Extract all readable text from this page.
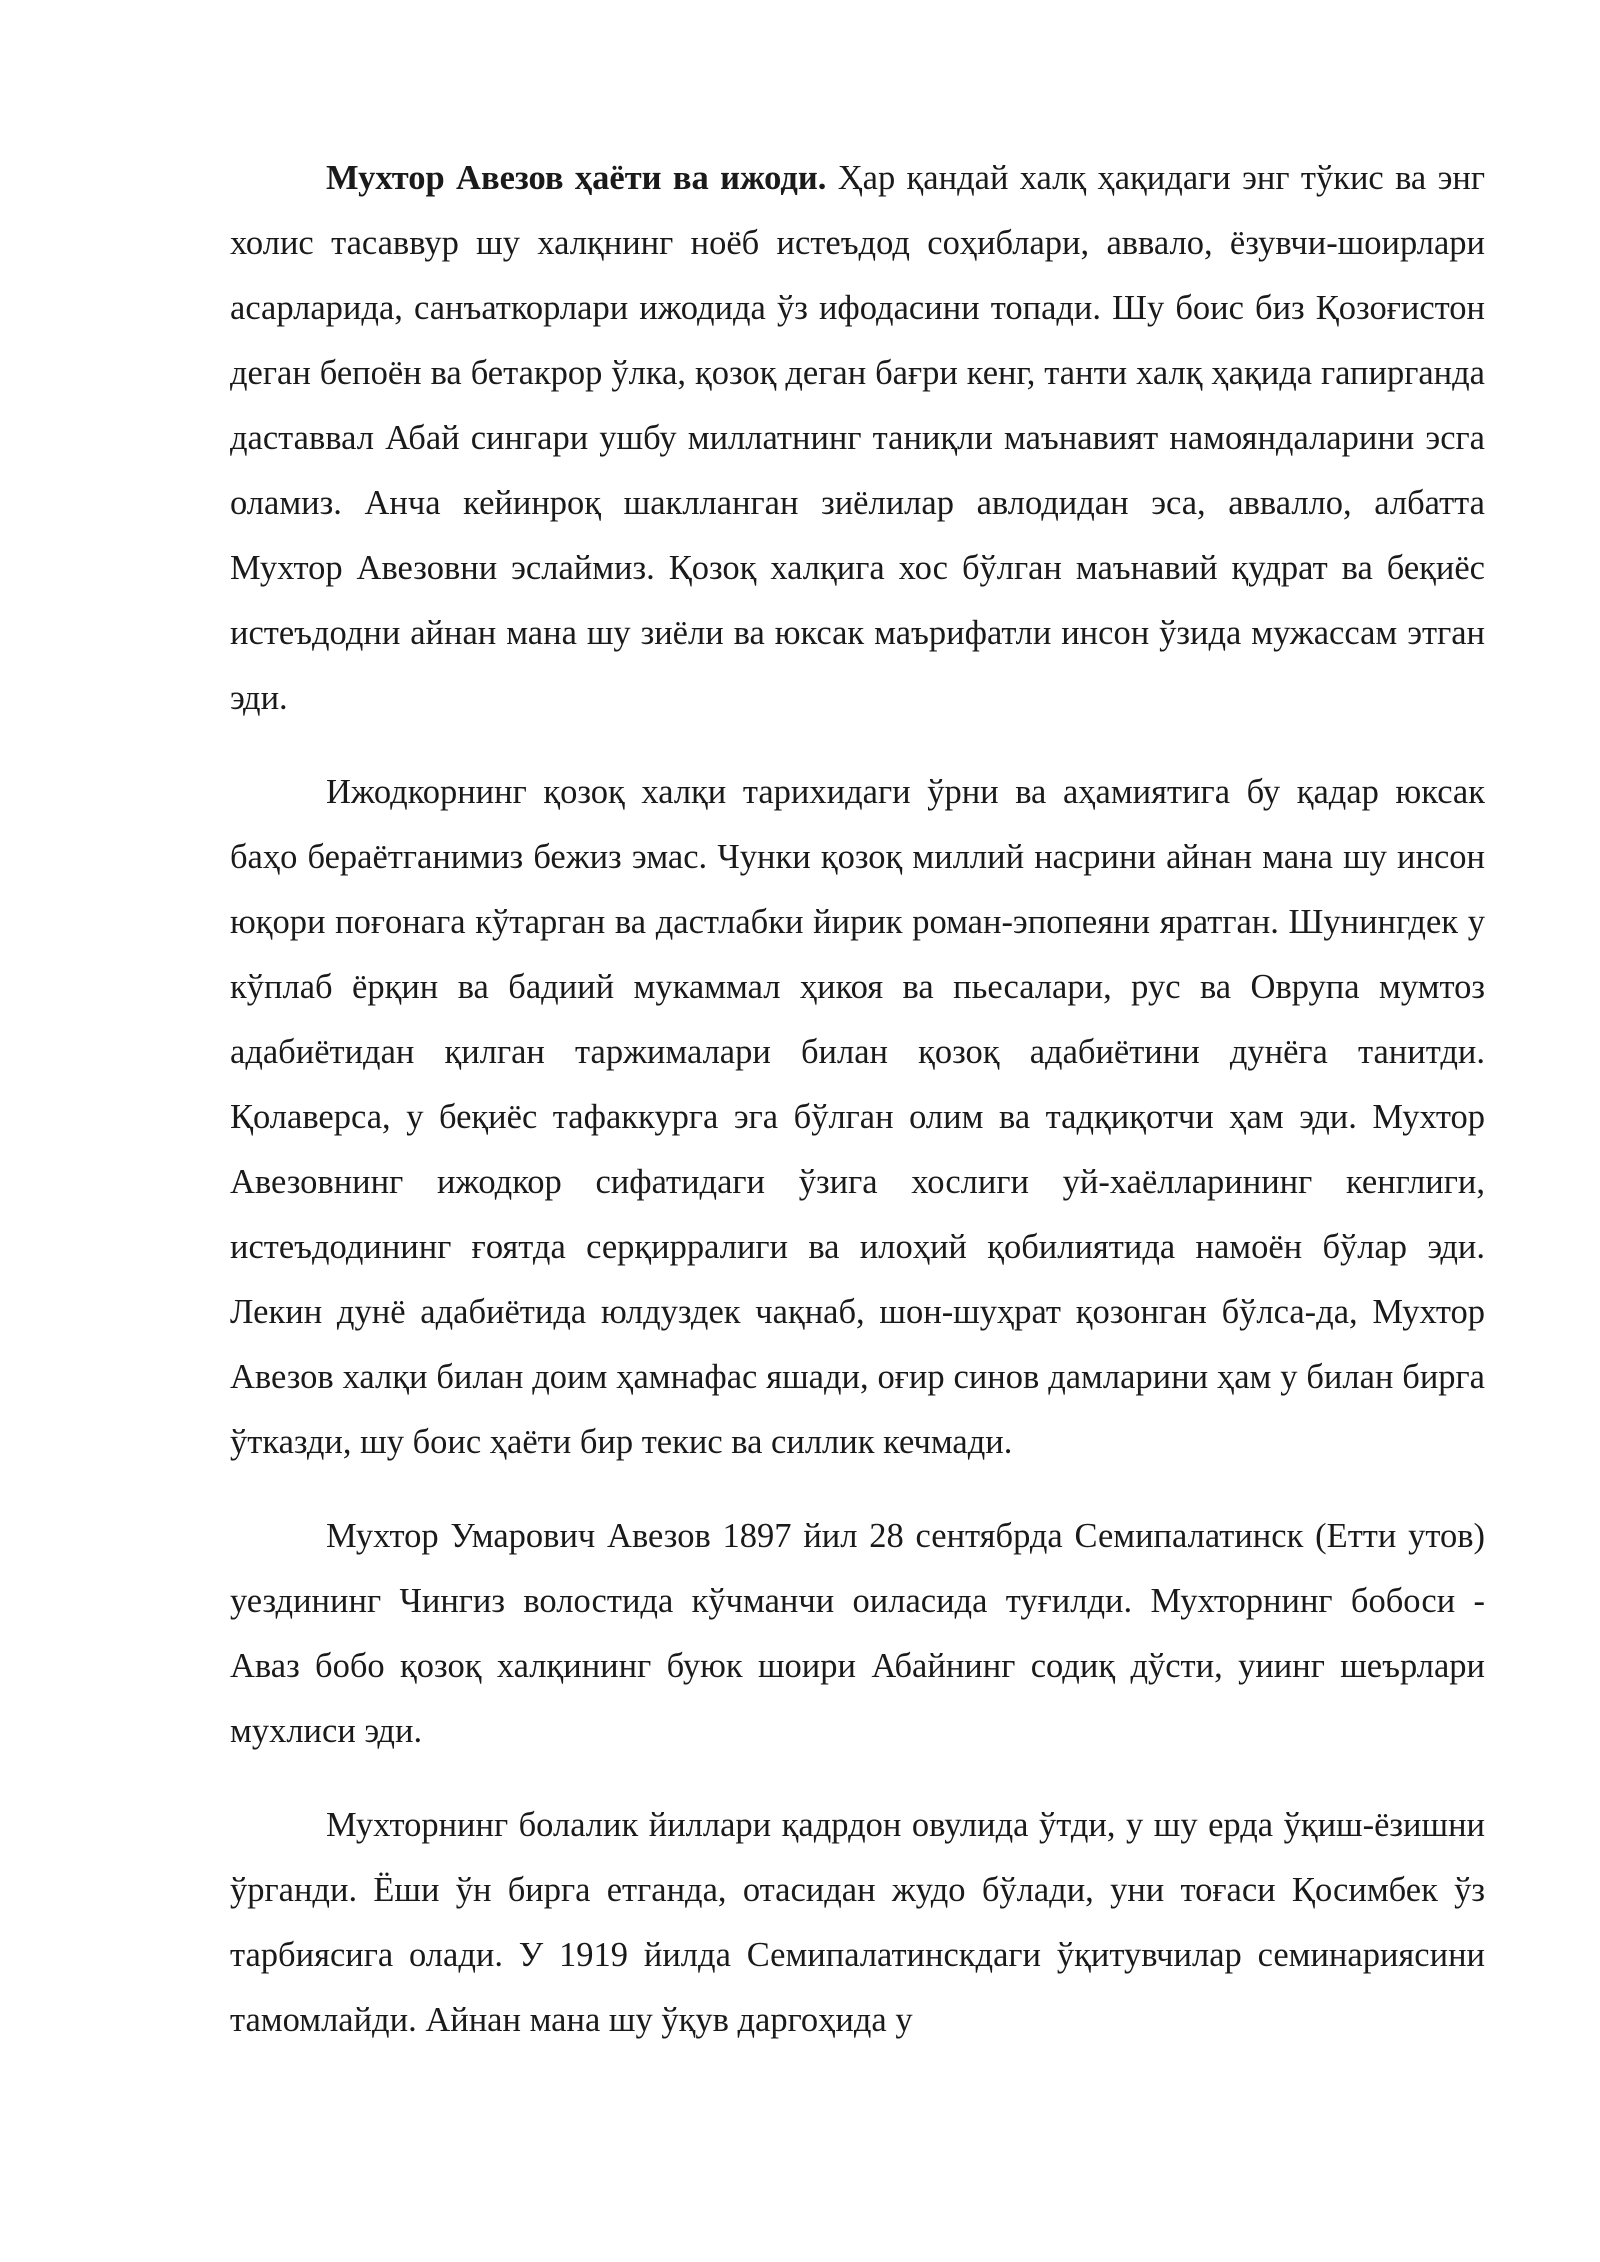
Мухтор Авезов ҳаёти ва ижоди. Ҳар қандай халқ ҳақидаги энг тўкис ва энг холис тасаввур шу халқнинг ноёб истеъдод соҳиблари, аввало, ёзувчи-шоирлари асарларида, санъаткорлари ижодида ўз ифодасини топади. Шу боис биз Қозоғистон деган бепоён ва бетакрор ўлка, қозоқ деган бағри кенг, танти халқ ҳақида гапирганда даставвал Абай сингари ушбу миллатнинг таниқли маънавият намояндаларини эсга оламиз. Анча кейинроқ шаклланган зиёлилар авлодидан эса, аввалло, албатта Мухтор Авезовни эслаймиз. Қозоқ халқига хос бўлган маънавий қудрат ва беқиёс истеъдодни айнан мана шу зиёли ва юксак маърифатли инсон ўзида мужассам этган эди.

Ижодкорнинг қозоқ халқи тарихидаги ўрни ва аҳамиятига бу қадар юксак баҳо бераётганимиз бежиз эмас. Чунки қозоқ миллий насрини айнан мана шу инсон юқори поғонага кўтарган ва дастлабки йирик роман-эпопеяни яратган. Шунингдек у кўплаб ёрқин ва бадиий мукаммал ҳикоя ва пьесалари, рус ва Оврупа мумтоз адабиётидан қилган таржималари билан қозоқ адабиётини дунёга танитди. Қолаверса, у беқиёс тафаккурга эга бўлган олим ва тадқиқотчи ҳам эди. Мухтор Авезовнинг ижодкор сифатидаги ўзига хослиги уй-хаёлларининг кенглиги, истеъдодининг ғоятда серқирралиги ва илоҳий қобилиятида намоён бўлар эди. Лекин дунё адабиётида юлдуздек чақнаб, шон-шуҳрат қозонган бўлса-да, Мухтор Авезов халқи билан доим ҳамнафас яшади, оғир синов дамларини ҳам у билан бирга ўтказди, шу боис ҳаёти бир текис ва силлик кечмади.

Мухтор Умарович Авезов 1897 йил 28 сентябрда Семипалатинск (Етти утов) уездининг Чингиз волостида кўчманчи оиласида туғилди. Мухторнинг бобоси - Аваз бобо қозоқ халқининг буюк шоири Абайнинг содиқ дўсти, уиинг шеърлари мухлиси эди.

Мухторнинг болалик йиллари қадрдон овулида ўтди, у шу ерда ўқиш-ёзишни ўрганди. Ёши ўн бирга етганда, отасидан жудо бўлади, уни тоғаси Қосимбек ўз тарбиясига олади. У 1919 йилда Семипалатинскдаги ўқитувчилар семинариясини тамомлайди. Айнан мана шу ўқув даргоҳида у
